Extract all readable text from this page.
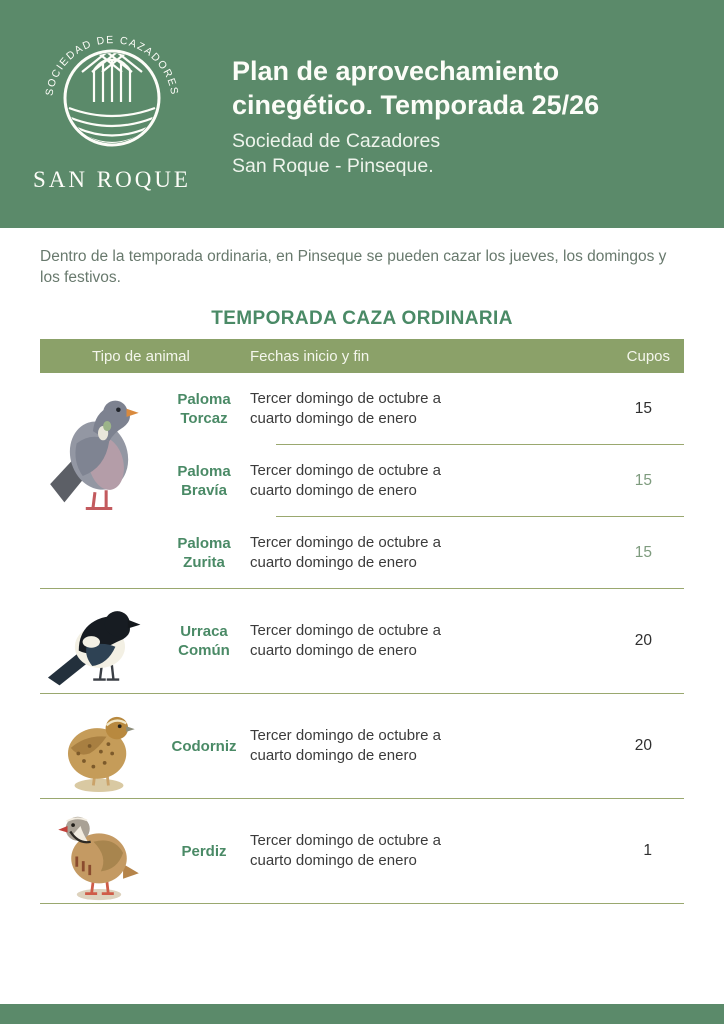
SOCIEDAD DE CAZADORES
SAN ROQUE
Plan de aprovechamiento
cinegético. Temporada 25/26
Sociedad de Cazadores
San Roque - Pinseque.

Dentro de la temporada ordinaria, en Pinseque se pueden cazar los jueves, los domingos y los festivos.

TEMPORADA CAZA ORDINARIA
Tipo de animal	Fechas inicio y fin	Cupos
Paloma Torcaz
Tercer domingo de octubre a cuarto domingo de enero
15
Paloma Bravía
Tercer domingo de octubre a cuarto domingo de enero
15
Paloma Zurita
Tercer domingo de octubre a cuarto domingo de enero
15
Urraca Común
Tercer domingo de octubre a cuarto domingo de enero
20
Codorniz
Tercer domingo de octubre a cuarto domingo de enero
20
Perdiz
Tercer domingo de octubre a cuarto domingo de enero
1
